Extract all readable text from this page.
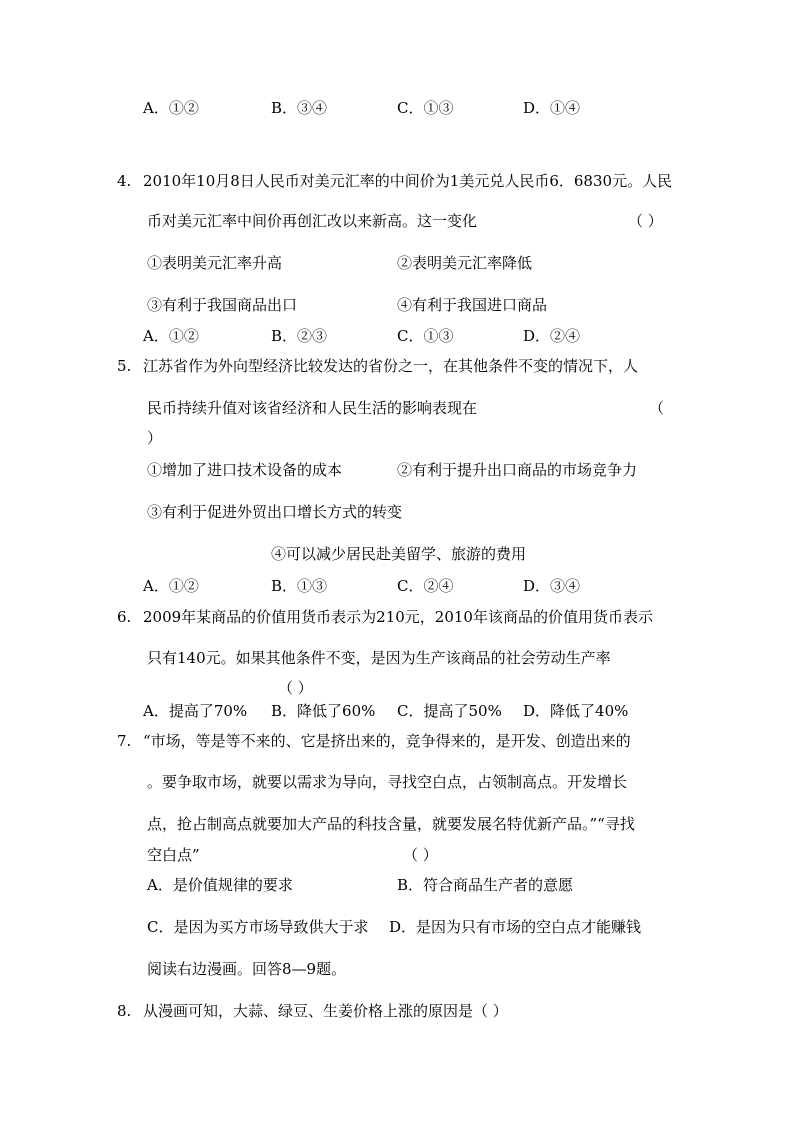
A．①②	B．③④	C．①③	D．①④
4. 2010年10月8日人民币对美元汇率的中间价为1美元兑人民币6．6830元。人民
币对美元汇率中间价再创汇改以来新高。这一变化	（ ）
①表明美元汇率升高	②表明美元汇率降低
③有利于我国商品出口	④有利于我国进口商品
A．①②	B．②③	C．①③	D．②④
5. 江苏省作为外向型经济比较发达的省份之一，在其他条件不变的情况下，人
民币持续升值对该省经济和人民生活的影响表现在	（
）
①增加了进口技术设备的成本	②有利于提升出口商品的市场竞争力
③有利于促进外贸出口增长方式的转变
④可以减少居民赴美留学、旅游的费用
A．①②	B．①③	C．②④	D．③④
6. 2009年某商品的价值用货币表示为210元，2010年该商品的价值用货币表示
只有140元。如果其他条件不变，是因为生产该商品的社会劳动生产率
（ ）
A．提高了70% B．降低了60% C．提高了50% D．降低了40%
7. “市场，等是等不来的、它是挤出来的，竞争得来的，是开发、创造出来的
。要争取市场，就要以需求为导向，寻找空白点，占领制高点。开发增长
点，抢占制高点就要加大产品的科技含量，就要发展名特优新产品。”“寻找
空白点”	（ ）
A．是价值规律的要求	B．符合商品生产者的意愿
C．是因为买方市场导致供大于求 D．是因为只有市场的空白点才能赚钱
阅读右边漫画。回答8—9题。
8. 从漫画可知，大蒜、绿豆、生姜价格上涨的原因是（ ）
